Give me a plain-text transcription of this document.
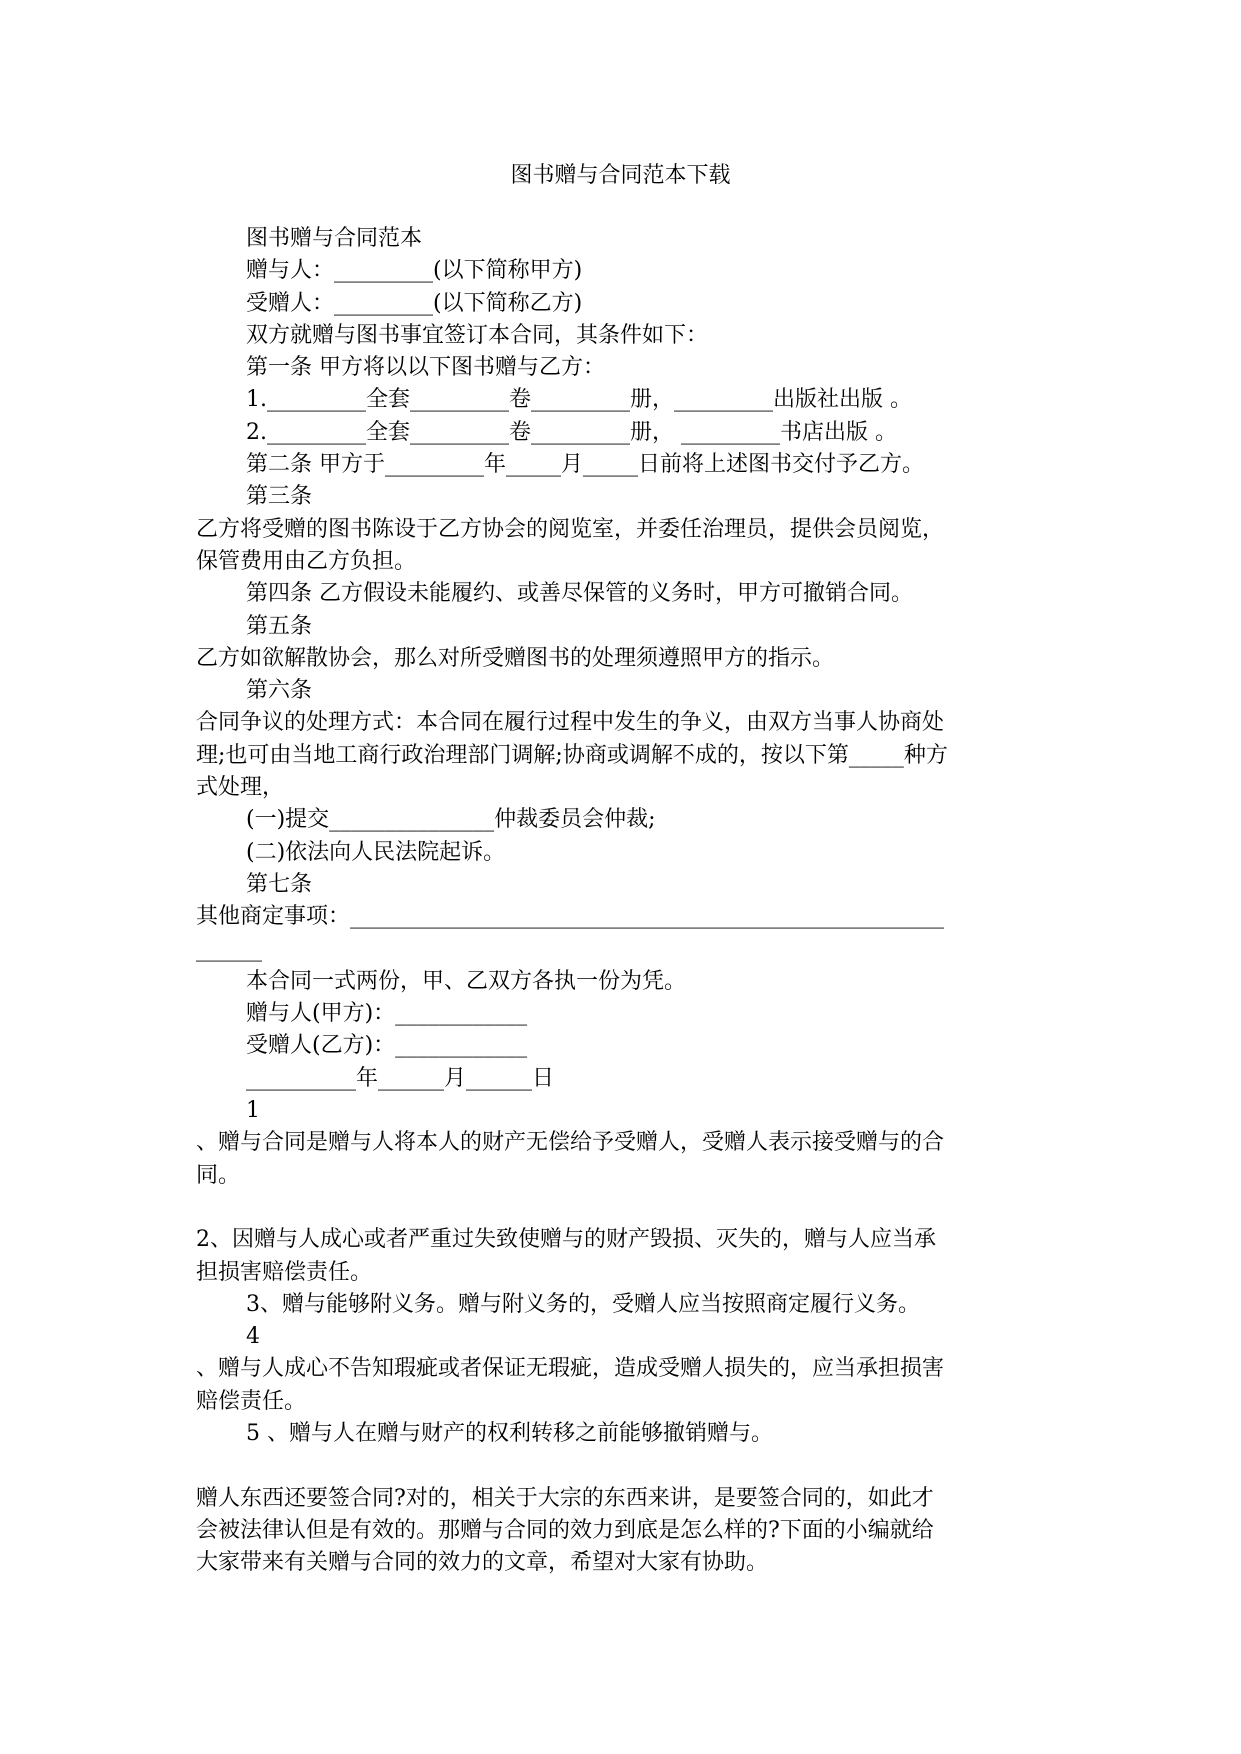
图书赠与合同范本下载
图书赠与合同范本
赠与人：_________(以下简称甲方)
受赠人：_________(以下简称乙方)
双方就赠与图书事宜签订本合同，其条件如下：
第一条 甲方将以以下图书赠与乙方：
1._________全套_________卷_________册，_________出版社出版 。
2._________全套_________卷_________册， _________书店出版 。
第二条 甲方于_________年_____月_____日前将上述图书交付予乙方。
第三条
乙方将受赠的图书陈设于乙方协会的阅览室，并委任治理员，提供会员阅览，
保管费用由乙方负担。
第四条 乙方假设未能履约、或善尽保管的义务时，甲方可撤销合同。
第五条
乙方如欲解散协会，那么对所受赠图书的处理须遵照甲方的指示。
第六条
合同争议的处理方式：本合同在履行过程中发生的争义，由双方当事人协商处
理;也可由当地工商行政治理部门调解;协商或调解不成的，按以下第_____种方
式处理，
(一)提交_______________仲裁委员会仲裁;
(二)依法向人民法院起诉。
第七条
其他商定事项：______________________________________________________
______
本合同一式两份，甲、乙双方各执一份为凭。
赠与人(甲方)：____________
受赠人(乙方)：____________
__________年______月______日
1
、赠与合同是赠与人将本人的财产无偿给予受赠人，受赠人表示接受赠与的合
同。
2、因赠与人成心或者严重过失致使赠与的财产毁损、灭失的，赠与人应当承
担损害赔偿责任。
3、赠与能够附义务。赠与附义务的，受赠人应当按照商定履行义务。
4
、赠与人成心不告知瑕疵或者保证无瑕疵，造成受赠人损失的，应当承担损害
赔偿责任。
5 、赠与人在赠与财产的权利转移之前能够撤销赠与。
赠人东西还要签合同?对的，相关于大宗的东西来讲，是要签合同的，如此才
会被法律认但是有效的。那赠与合同的效力到底是怎么样的?下面的小编就给
大家带来有关赠与合同的效力的文章，希望对大家有协助。
